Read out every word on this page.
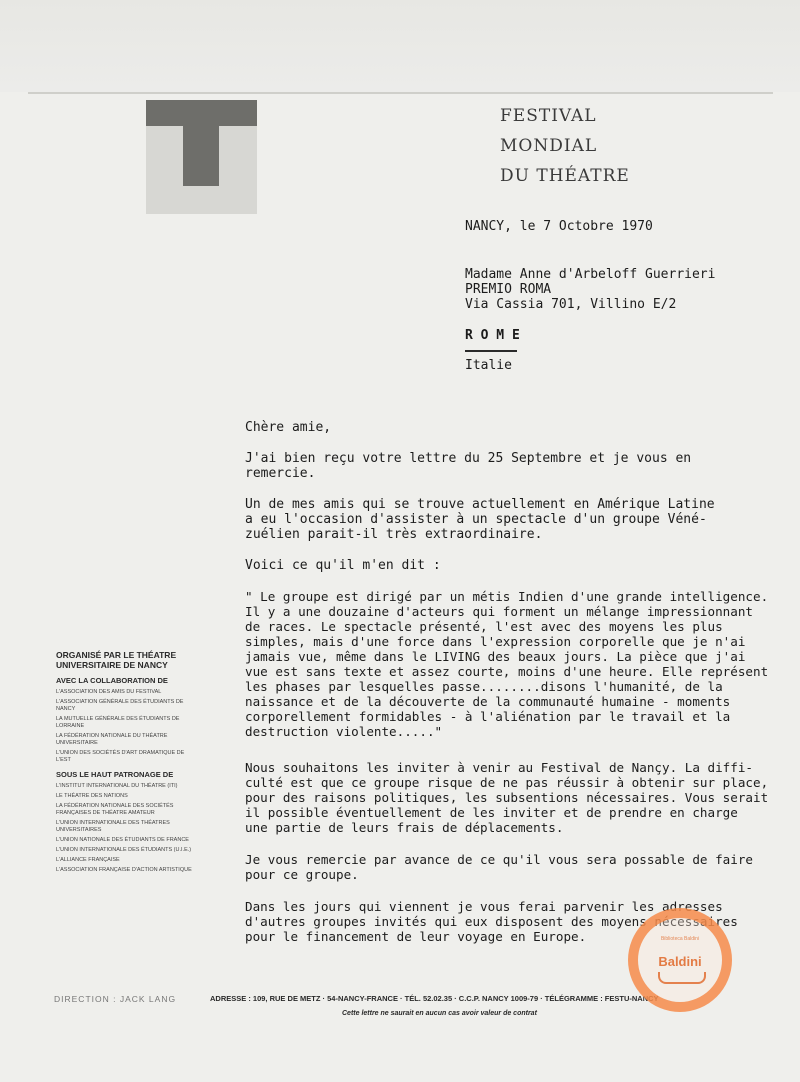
FESTIVAL
MONDIAL
DU THÉATRE
NANCY, le 7 Octobre 1970
Madame Anne d'Arbeloff Guerrieri
PREMIO ROMA
Via Cassia 701, Villino E/2
R O M E
Italie
Chère amie,
J'ai bien reçu votre lettre du 25 Septembre et je vous en
remercie.
Un de mes amis qui se trouve actuellement en Amérique Latine
a eu l'occasion d'assister à un spectacle d'un groupe Véné-
zuélien parait-il très extraordinaire.
Voici ce qu'il m'en dit :
" Le groupe est dirigé par un métis Indien d'une grande intelligence.
Il y a une douzaine d'acteurs qui forment un mélange impressionnant
de races. Le spectacle présenté, l'est avec des moyens les plus
simples, mais d'une force dans l'expression corporelle que je n'ai
jamais vue, même dans le LIVING des beaux jours. La pièce que j'ai
vue est sans texte et assez courte, moins d'une heure. Elle représent
les phases par lesquelles passe........disons l'humanité, de la
naissance et de la découverte de la communauté humaine - moments
corporellement formidables - à l'aliénation par le travail et la
destruction violente....."
Nous souhaitons les inviter à venir au Festival de Nançy. La diffi-
culté est que ce groupe risque de ne pas réussir à obtenir sur place,
pour des raisons politiques, les subsentions nécessaires. Vous serait
il possible éventuellement de les inviter et de prendre en charge
une partie de leurs frais de déplacements.
Je vous remercie par avance de ce qu'il vous sera possable de faire
pour ce groupe.
Dans les jours qui viennent je vous ferai parvenir les adresses
d'autres groupes invités qui eux disposent des moyens nécessaires
pour le financement de leur voyage en Europe.
ORGANISÉ PAR LE THÉATRE UNIVERSITAIRE DE NANCY
AVEC LA COLLABORATION DE
L'ASSOCIATION DES AMIS DU FESTIVAL
L'ASSOCIATION GÉNÉRALE DES ÉTUDIANTS DE NANCY
LA MUTUELLE GÉNÉRALE DES ÉTUDIANTS DE LORRAINE
LA FÉDÉRATION NATIONALE DU THÉATRE UNIVERSITAIRE
L'UNION DES SOCIÉTÉS D'ART DRAMATIQUE DE L'EST
SOUS LE HAUT PATRONAGE DE
L'INSTITUT INTERNATIONAL DU THÉATRE (ITI)
LE THÉATRE DES NATIONS
LA FÉDÉRATION NATIONALE DES SOCIÉTÉS FRANÇAISES DE THÉATRE AMATEUR
L'UNION INTERNATIONALE DES THÉATRES UNIVERSITAIRES
L'UNION NATIONALE DES ÉTUDIANTS DE FRANCE
L'UNION INTERNATIONALE DES ÉTUDIANTS (U.I.E.)
L'ALLIANCE FRANÇAISE
L'ASSOCIATION FRANÇAISE D'ACTION ARTISTIQUE
DIRECTION : JACK LANG	ADRESSE : 109, RUE DE METZ · 54-NANCY-FRANCE · TÉL. 52.02.35 · C.C.P. NANCY 1009-79 · TÉLÉGRAMME : FESTU-NANCY
Cette lettre ne saurait en aucun cas avoir valeur de contrat
Biblioteca Baldini
Baldini
